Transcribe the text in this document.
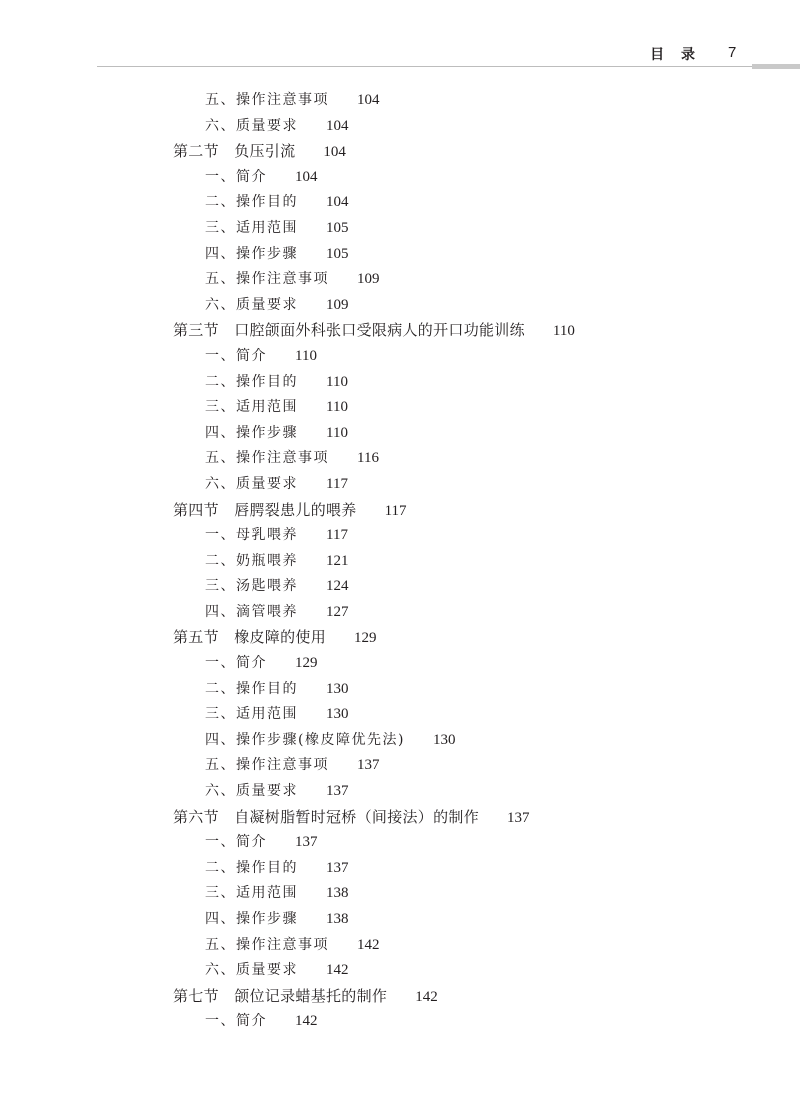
目 录 7
五、操作注意事项 104
六、质量要求 104
第二节　负压引流 104
一、简介 104
二、操作目的 104
三、适用范围 105
四、操作步骤 105
五、操作注意事项 109
六、质量要求 109
第三节　口腔颌面外科张口受限病人的开口功能训练 110
一、简介 110
二、操作目的 110
三、适用范围 110
四、操作步骤 110
五、操作注意事项 116
六、质量要求 117
第四节　唇腭裂患儿的喂养 117
一、母乳喂养 117
二、奶瓶喂养 121
三、汤匙喂养 124
四、滴管喂养 127
第五节　橡皮障的使用 129
一、简介 129
二、操作目的 130
三、适用范围 130
四、操作步骤(橡皮障优先法) 130
五、操作注意事项 137
六、质量要求 137
第六节　自凝树脂暂时冠桥（间接法）的制作 137
一、简介 137
二、操作目的 137
三、适用范围 138
四、操作步骤 138
五、操作注意事项 142
六、质量要求 142
第七节　颌位记录蜡基托的制作 142
一、简介 142
